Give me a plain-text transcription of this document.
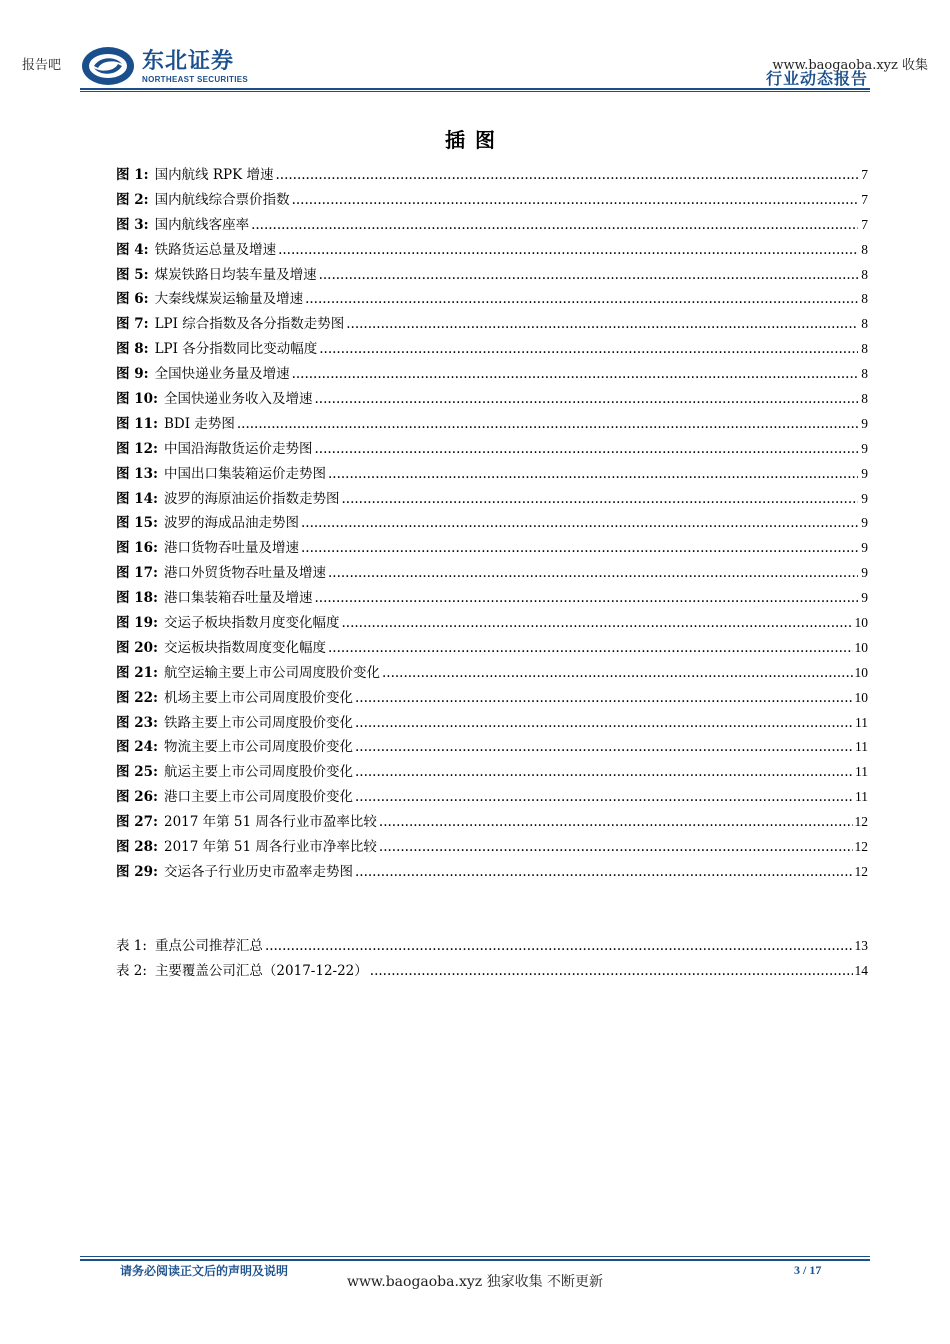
报告吧	www.baogaoba.xyz 收集
东北证券
NORTHEAST SECURITIES	行业动态报告
插图
图 1: 国内航线 RPK 增速 .....	7
图 2: 国内航线综合票价指数 .....	7
图 3: 国内航线客座率 .....	7
图 4: 铁路货运总量及增速 .....	8
图 5: 煤炭铁路日均装车量及增速 .....	8
图 6: 大秦线煤炭运输量及增速 .....	8
图 7: LPI 综合指数及各分指数走势图 .....	8
图 8: LPI 各分指数同比变动幅度 .....	8
图 9: 全国快递业务量及增速 .....	8
图 10: 全国快递业务收入及增速 .....	8
图 11: BDI 走势图 .....	9
图 12: 中国沿海散货运价走势图 .....	9
图 13: 中国出口集装箱运价走势图 .....	9
图 14: 波罗的海原油运价指数走势图 .....	9
图 15: 波罗的海成品油走势图 .....	9
图 16: 港口货物吞吐量及增速 .....	9
图 17: 港口外贸货物吞吐量及增速 .....	9
图 18: 港口集装箱吞吐量及增速 .....	9
图 19: 交运子板块指数月度变化幅度 .....	10
图 20: 交运板块指数周度变化幅度 .....	10
图 21: 航空运输主要上市公司周度股价变化 .....	10
图 22: 机场主要上市公司周度股价变化 .....	10
图 23: 铁路主要上市公司周度股价变化 .....	11
图 24: 物流主要上市公司周度股价变化 .....	11
图 25: 航运主要上市公司周度股价变化 .....	11
图 26: 港口主要上市公司周度股价变化 .....	11
图 27: 2017 年第 51 周各行业市盈率比较 .....	12
图 28: 2017 年第 51 周各行业市净率比较 .....	12
图 29: 交运各子行业历史市盈率走势图 .....	12
表 1: 重点公司推荐汇总 .....	13
表 2: 主要覆盖公司汇总（2017-12-22） .....	14
请务必阅读正文后的声明及说明	3 / 17
www.baogaoba.xyz 独家收集 不断更新
